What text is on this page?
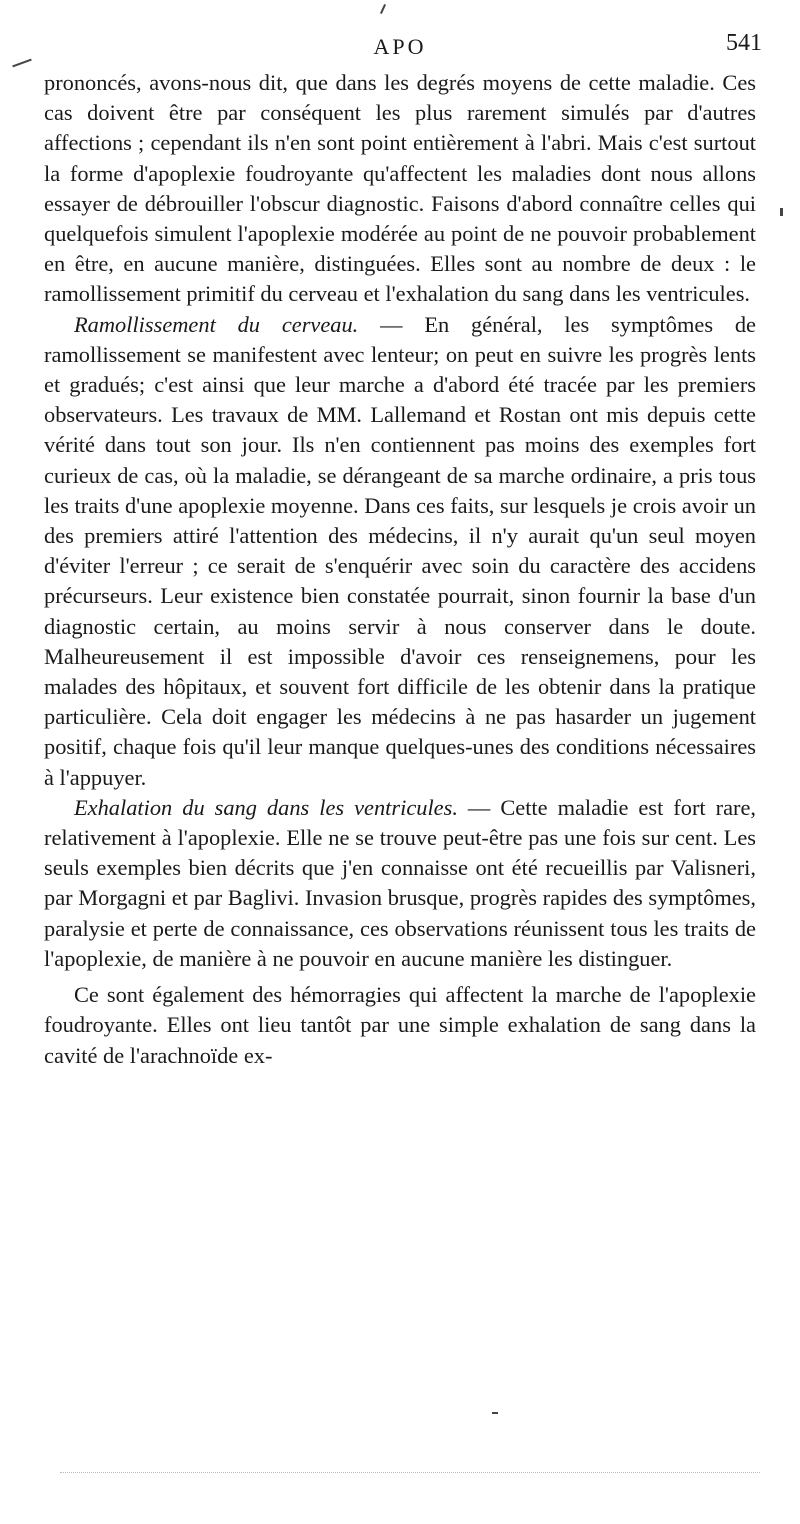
APO	541

prononcés, avons-nous dit, que dans les degrés moyens de cette maladie. Ces cas doivent être par conséquent les plus rarement simulés par d'autres affections ; cependant ils n'en sont point entièrement à l'abri. Mais c'est surtout la forme d'apoplexie foudroyante qu'affectent les maladies dont nous allons essayer de débrouiller l'obscur diagnostic. Faisons d'abord connaître celles qui quelquefois simulent l'apoplexie modérée au point de ne pouvoir probablement en être, en aucune manière, distinguées. Elles sont au nombre de deux : le ramollissement primitif du cerveau et l'exhalation du sang dans les ventricules.

Ramollissement du cerveau. — En général, les symptômes de ramollissement se manifestent avec lenteur; on peut en suivre les progrès lents et gradués; c'est ainsi que leur marche a d'abord été tracée par les premiers observateurs. Les travaux de MM. Lallemand et Rostan ont mis depuis cette vérité dans tout son jour. Ils n'en contiennent pas moins des exemples fort curieux de cas, où la maladie, se dérangeant de sa marche ordinaire, a pris tous les traits d'une apoplexie moyenne. Dans ces faits, sur lesquels je crois avoir un des premiers attiré l'attention des médecins, il n'y aurait qu'un seul moyen d'éviter l'erreur ; ce serait de s'enquérir avec soin du caractère des accidens précurseurs. Leur existence bien constatée pourrait, sinon fournir la base d'un diagnostic certain, au moins servir à nous conserver dans le doute. Malheureusement il est impossible d'avoir ces renseignemens, pour les malades des hôpitaux, et souvent fort difficile de les obtenir dans la pratique particulière. Cela doit engager les médecins à ne pas hasarder un jugement positif, chaque fois qu'il leur manque quelques-unes des conditions nécessaires à l'appuyer.

Exhalation du sang dans les ventricules. — Cette maladie est fort rare, relativement à l'apoplexie. Elle ne se trouve peut-être pas une fois sur cent. Les seuls exemples bien décrits que j'en connaisse ont été recueillis par Valisneri, par Morgagni et par Baglivi. Invasion brusque, progrès rapides des symptômes, paralysie et perte de connaissance, ces observations réunissent tous les traits de l'apoplexie, de manière à ne pouvoir en aucune manière les distinguer.

Ce sont également des hémorragies qui affectent la marche de l'apoplexie foudroyante. Elles ont lieu tantôt par une simple exhalation de sang dans la cavité de l'arachnoïde ex-
